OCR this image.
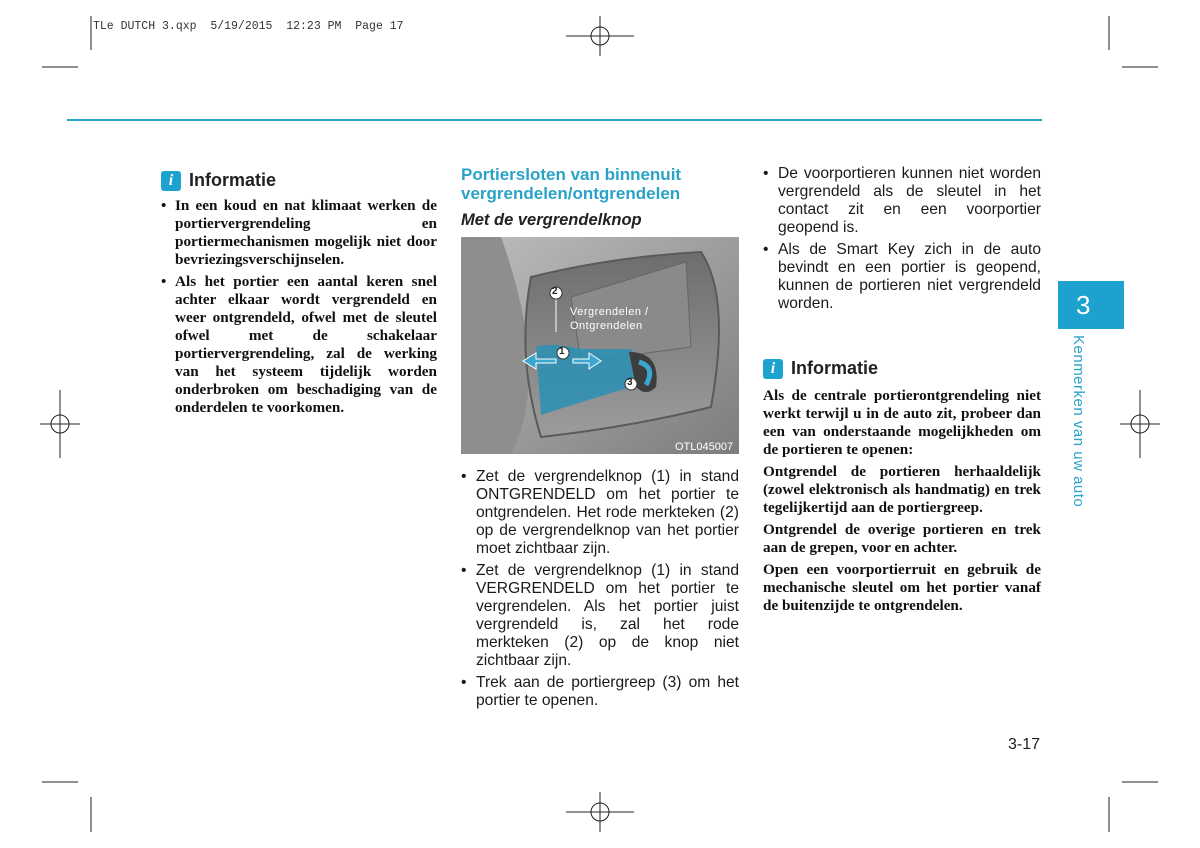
TLe DUTCH 3.qxp  5/19/2015  12:23 PM  Page 17
i Informatie
• In een koud en nat klimaat werken de portiervergrendeling en portiermechanismen mogelijk niet door bevriezingsverschijnselen.
• Als het portier een aantal keren snel achter elkaar wordt vergrendeld en weer ontgrendeld, ofwel met de sleutel ofwel met de schakelaar portiervergrendeling, zal de werking van het systeem tijdelijk worden onderbroken om beschadiging van de onderdelen te voorkomen.
Portiersloten van binnenuit vergrendelen/ontgrendelen
Met de vergrendelknop
2
1
3
Vergrendelen /
Ontgrendelen
OTL045007
• Zet de vergrendelknop (1) in stand ONTGRENDELD om het portier te ontgrendelen. Het rode merkteken (2) op de vergrendelknop van het portier moet zichtbaar zijn.
• Zet de vergrendelknop (1) in stand VERGRENDELD om het portier te vergrendelen. Als het portier juist vergrendeld is, zal het rode merkteken (2) op de knop niet zichtbaar zijn.
• Trek aan de portiergreep (3) om het portier te openen.
• De voorportieren kunnen niet worden vergrendeld als de sleutel in het contact zit en een voorportier geopend is.
• Als de Smart Key zich in de auto bevindt en een portier is geopend, kunnen de portieren niet vergrendeld worden.
i Informatie

Als de centrale portierontgrendeling niet werkt terwijl u in de auto zit, probeer dan een van onderstaande mogelijkheden om de portieren te openen:

Ontgrendel de portieren herhaaldelijk (zowel elektronisch als handmatig) en trek tegelijkertijd aan de portiergreep.

Ontgrendel de overige portieren en trek aan de grepen, voor en achter.

Open een voorportierruit en gebruik de mechanische sleutel om het portier vanaf de buitenzijde te ontgrendelen.

3
Kenmerken van uw auto
3-17
